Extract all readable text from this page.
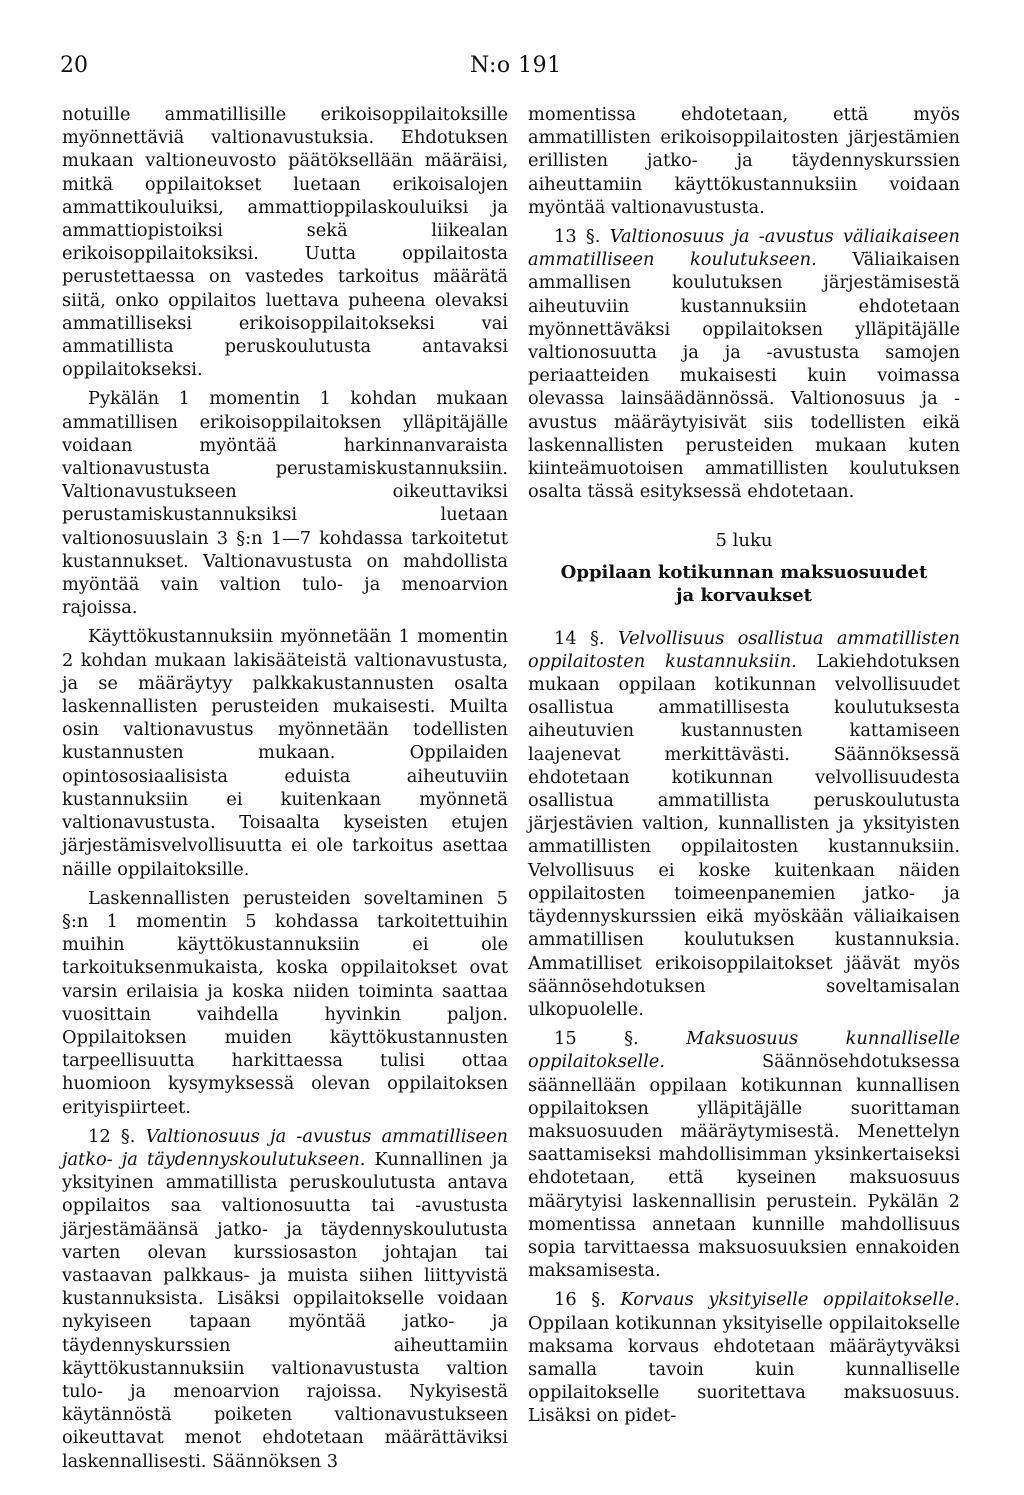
20	N:o 191

notuille ammatillisille erikoisoppilaitoksille myönnettäviä valtionavustuksia. Ehdotuksen mukaan valtioneuvosto päätöksellään määräisi, mitkä oppilaitokset luetaan erikoisalojen ammattikouluiksi, ammattioppilaskouluiksi ja ammattiopistoiksi sekä liikealan erikoisoppilaitoksiksi. Uutta oppilaitosta perustettaessa on vastedes tarkoitus määrätä siitä, onko oppilaitos luettava puheena olevaksi ammatilliseksi erikoisoppilaitokseksi vai ammatillista peruskoulutusta antavaksi oppilaitokseksi.

Pykälän 1 momentin 1 kohdan mukaan ammatillisen erikoisoppilaitoksen ylläpitäjälle voidaan myöntää harkinnanvaraista valtionavustusta perustamiskustannuksiin. Valtionavustukseen oikeuttaviksi perustamiskustannuksiksi luetaan valtionosuuslain 3 §:n 1—7 kohdassa tarkoitetut kustannukset. Valtionavustusta on mahdollista myöntää vain valtion tulo- ja menoarvion rajoissa.

Käyttökustannuksiin myönnetään 1 momentin 2 kohdan mukaan lakisääteistä valtionavustusta, ja se määräytyy palkkakustannusten osalta laskennallisten perusteiden mukaisesti. Muilta osin valtionavustus myönnetään todellisten kustannusten mukaan. Oppilaiden opintososiaalisista eduista aiheutuviin kustannuksiin ei kuitenkaan myönnetä valtionavustusta. Toisaalta kyseisten etujen järjestämisvelvollisuutta ei ole tarkoitus asettaa näille oppilaitoksille.

Laskennallisten perusteiden soveltaminen 5 §:n 1 momentin 5 kohdassa tarkoitettuihin muihin käyttökustannuksiin ei ole tarkoituksenmukaista, koska oppilaitokset ovat varsin erilaisia ja koska niiden toiminta saattaa vuosittain vaihdella hyvinkin paljon. Oppilaitoksen muiden käyttökustannusten tarpeellisuutta harkittaessa tulisi ottaa huomioon kysymyksessä olevan oppilaitoksen erityispiirteet.

12 §. Valtionosuus ja -avustus ammatilliseen jatko- ja täydennyskoulutukseen. Kunnallinen ja yksityinen ammatillista peruskoulutusta antava oppilaitos saa valtionosuutta tai -avustusta järjestämäänsä jatko- ja täydennyskoulutusta varten olevan kurssiosaston johtajan tai vastaavan palkkaus- ja muista siihen liittyvistä kustannuksista. Lisäksi oppilaitokselle voidaan nykyiseen tapaan myöntää jatko- ja täydennyskurssien aiheuttamiin käyttökustannuksiin valtionavustusta valtion tulo- ja menoarvion rajoissa. Nykyisestä käytännöstä poiketen valtionavustukseen oikeuttavat menot ehdotetaan määrättäviksi laskennallisesti. Säännöksen 3

momentissa ehdotetaan, että myös ammatillisten erikoisoppilaitosten järjestämien erillisten jatko- ja täydennyskurssien aiheuttamiin käyttökustannuksiin voidaan myöntää valtionavustusta.

13 §. Valtionosuus ja -avustus väliaikaiseen ammatilliseen koulutukseen. Väliaikaisen ammallisen koulutuksen järjestämisestä aiheutuviin kustannuksiin ehdotetaan myönnettäväksi oppilaitoksen ylläpitäjälle valtionosuutta ja ja -avustusta samojen periaatteiden mukaisesti kuin voimassa olevassa lainsäädännössä. Valtionosuus ja -avustus määräytyisivät siis todellisten eikä laskennallisten perusteiden mukaan kuten kiinteämuotoisen ammatillisten koulutuksen osalta tässä esityksessä ehdotetaan.

5 luku
Oppilaan kotikunnan maksuosuudet
ja korvaukset

14 §. Velvollisuus osallistua ammatillisten oppilaitosten kustannuksiin. Lakiehdotuksen mukaan oppilaan kotikunnan velvollisuudet osallistua ammatillisesta koulutuksesta aiheutuvien kustannusten kattamiseen laajenevat merkittävästi. Säännöksessä ehdotetaan kotikunnan velvollisuudesta osallistua ammatillista peruskoulutusta järjestävien valtion, kunnallisten ja yksityisten ammatillisten oppilaitosten kustannuksiin. Velvollisuus ei koske kuitenkaan näiden oppilaitosten toimeenpanemien jatko- ja täydennyskurssien eikä myöskään väliaikaisen ammatillisen koulutuksen kustannuksia. Ammatilliset erikoisoppilaitokset jäävät myös säännösehdotuksen soveltamisalan ulkopuolelle.

15 §.	Maksuosuus kunnalliselle oppilaitokselle.	Säännösehdotuksessa säännellään oppilaan kotikunnan kunnallisen oppilaitoksen ylläpitäjälle suorittaman maksuosuuden määräytymisestä. Menettelyn saattamiseksi mahdollisimman yksinkertaiseksi ehdotetaan, että kyseinen maksuosuus määrytyisi laskennallisin perustein. Pykälän 2 momentissa annetaan kunnille mahdollisuus sopia tarvittaessa maksuosuuksien ennakoiden maksamisesta.

16 §. Korvaus yksityiselle oppilaitokselle. Oppilaan kotikunnan yksityiselle oppilaitokselle maksama korvaus ehdotetaan määräytyväksi samalla tavoin kuin kunnalliselle oppilaitokselle suoritettava maksuosuus. Lisäksi on pidet-
